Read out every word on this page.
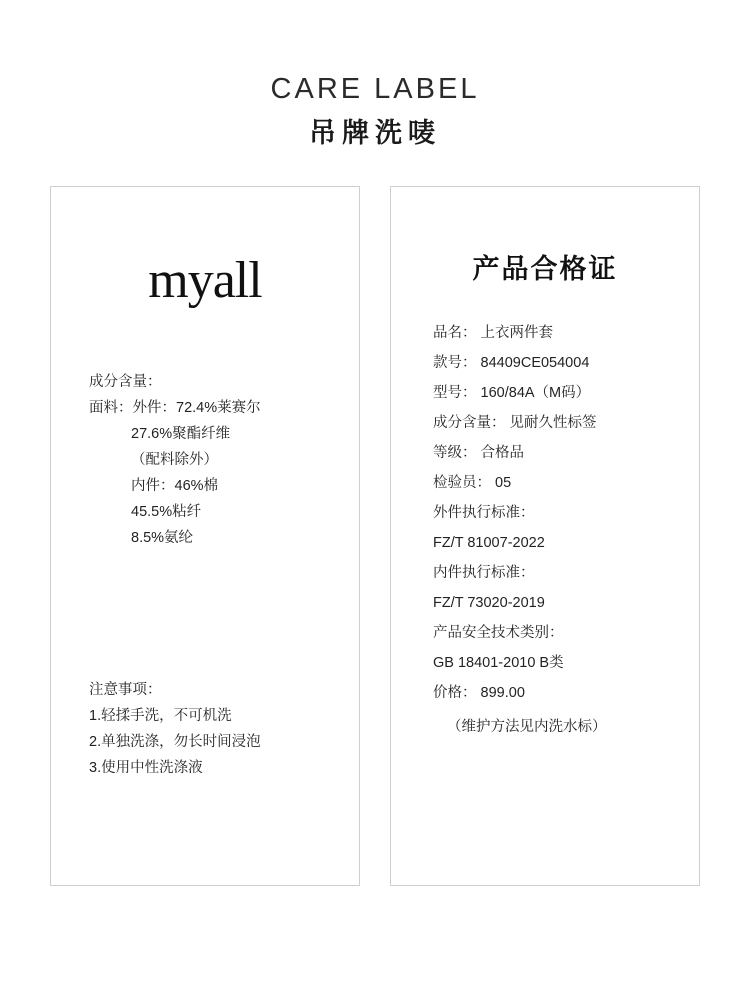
CARE LABEL
吊牌洗唛
myall
成分含量：
面料：外件：72.4%莱赛尔
27.6%聚酯纤维
（配料除外）
内件：46%棉
45.5%粘纤
8.5%氨纶
注意事项：
1.轻揉手洗，不可机洗
2.单独洗涤，勿长时间浸泡
3.使用中性洗涤液
产品合格证
品名： 上衣两件套
款号： 84409CE054004
型号： 160/84A（M码）
成分含量： 见耐久性标签
等级： 合格品
检验员： 05
外件执行标准：
FZ/T 81007-2022
内件执行标准：
FZ/T 73020-2019
产品安全技术类别：
GB 18401-2010 B类
价格： 899.00
（维护方法见内洗水标）
